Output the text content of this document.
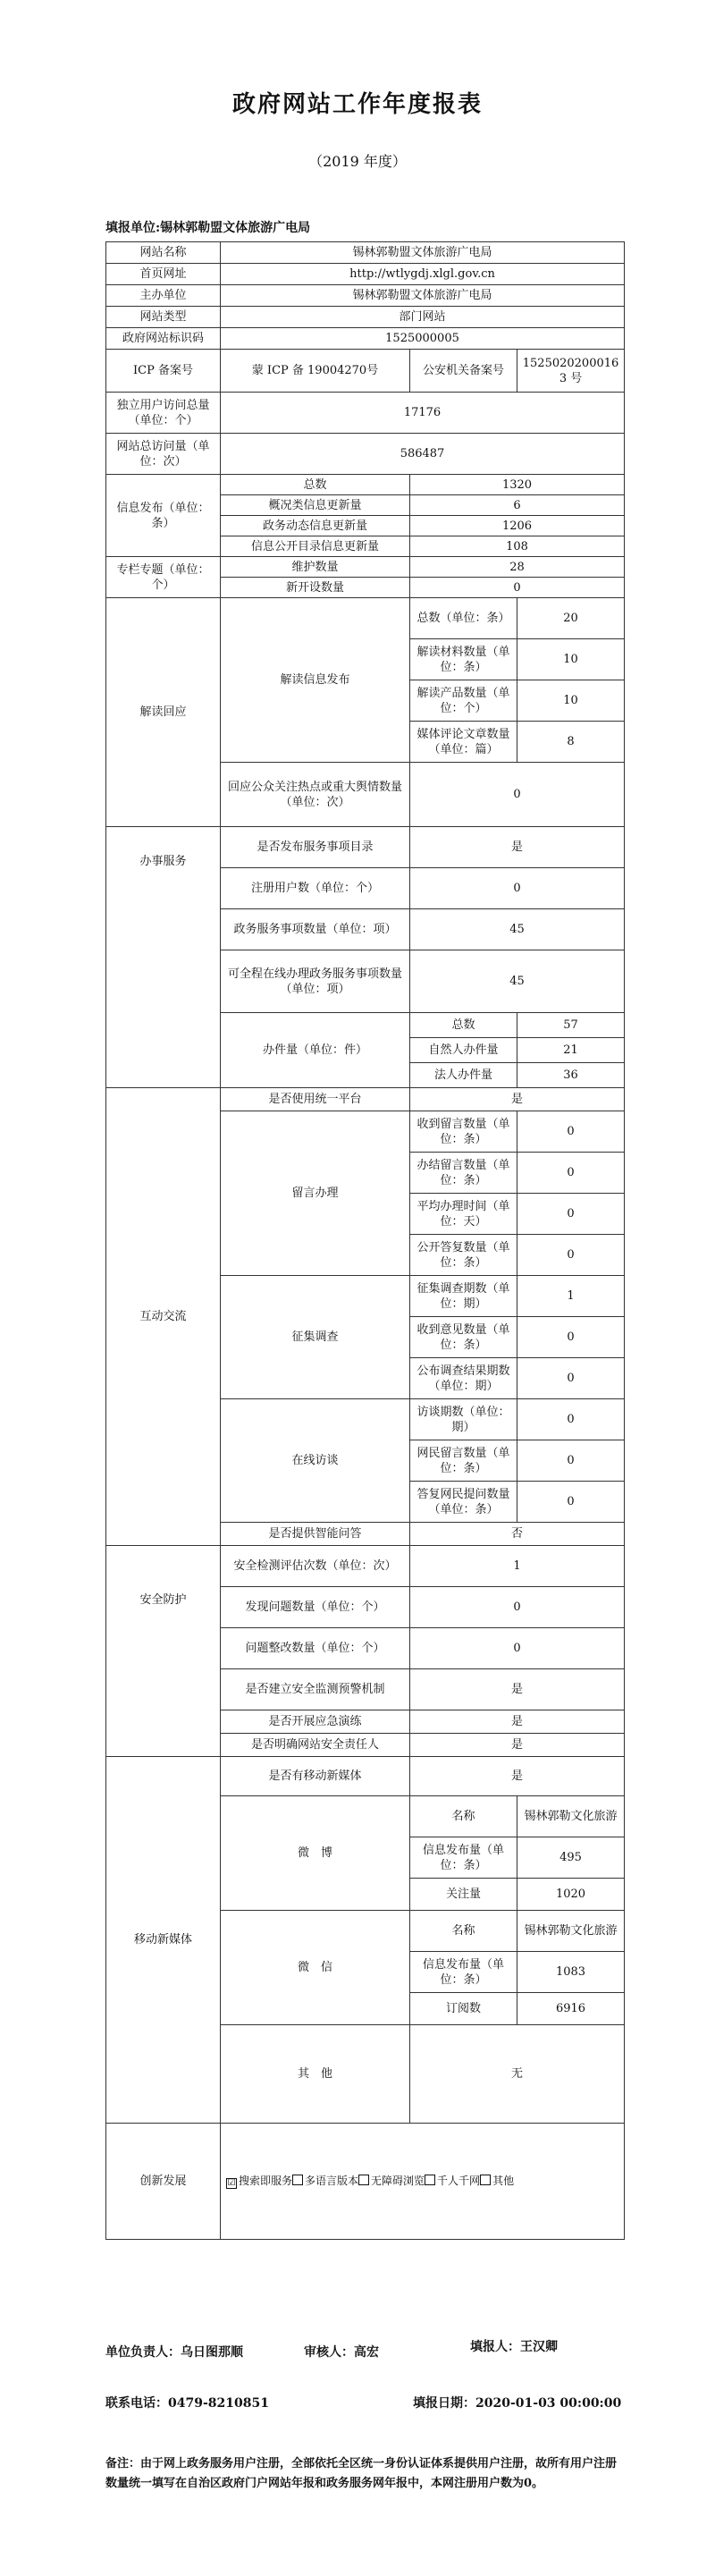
政府网站工作年度报表
（2019 年度）
填报单位:锡林郭勒盟文体旅游广电局
网站名称	锡林郭勒盟文体旅游广电局		
首页网址	http://wtlygdj.xlgl.gov.cn		
主办单位	锡林郭勒盟文体旅游广电局		
网站类型	部门网站		
政府网站标识码	1525000005		
ICP 备案号	蒙 ICP 备 19004270号	公安机关备案号	15250202000163 号
独立用户访问总量（单位：个）	17176		
网站总访问量（单位：次）	586487		
信息发布（单位：条）	总数	1320	
	概况类信息更新量	6	
	政务动态信息更新量	1206	
	信息公开目录信息更新量	108	
专栏专题（单位：个）	维护数量	28	
	新开设数量	0	
解读回应	解读信息发布	总数（单位：条）	20
		解读材料数量（单位：条）	10
		解读产品数量（单位：个）	10
		媒体评论文章数量（单位：篇）	8
	回应公众关注热点或重大舆情数量（单位：次）	0	
办事服务	是否发布服务事项目录	是	
	注册用户数（单位：个）	0	
	政务服务事项数量（单位：项）	45	
	可全程在线办理政务服务事项数量（单位：项）	45	
	办件量（单位：件）	总数	57
		自然人办件量	21
		法人办件量	36
互动交流	是否使用统一平台	是	
	留言办理	收到留言数量（单位：条）	0
		办结留言数量（单位：条）	0
		平均办理时间（单位：天）	0
		公开答复数量（单位：条）	0
	征集调查	征集调查期数（单位：期）	1
		收到意见数量（单位：条）	0
		公布调查结果期数（单位：期）	0
	在线访谈	访谈期数（单位：期）	0
		网民留言数量（单位：条）	0
		答复网民提问数量（单位：条）	0
	是否提供智能问答	否	
安全防护	安全检测评估次数（单位：次）	1	
	发现问题数量（单位：个）	0	
	问题整改数量（单位：个）	0	
	是否建立安全监测预警机制	是	
	是否开展应急演练	是	
	是否明确网站安全责任人	是	
移动新媒体	是否有移动新媒体	是	
	微　博	名称	锡林郭勒文化旅游
		信息发布量（单位：条）	495
		关注量	1020
	微　信	名称	锡林郭勒文化旅游
		信息发布量（单位：条）	1083
		订阅数	6916
	其　他	无	
创新发展	☑ 搜索即服务 多语言版本 无障碍浏览 千人千网 其他		
单位负责人：乌日图那顺	审核人：高宏	填报人：王汉卿
联系电话：0479-8210851	填报日期：2020-01-03 00:00:00
备注：由于网上政务服务用户注册，全部依托全区统一身份认证体系提供用户注册，故所有用户注册数量统一填写在自治区政府门户网站年报和政务服务网年报中，本网注册用户数为0。
